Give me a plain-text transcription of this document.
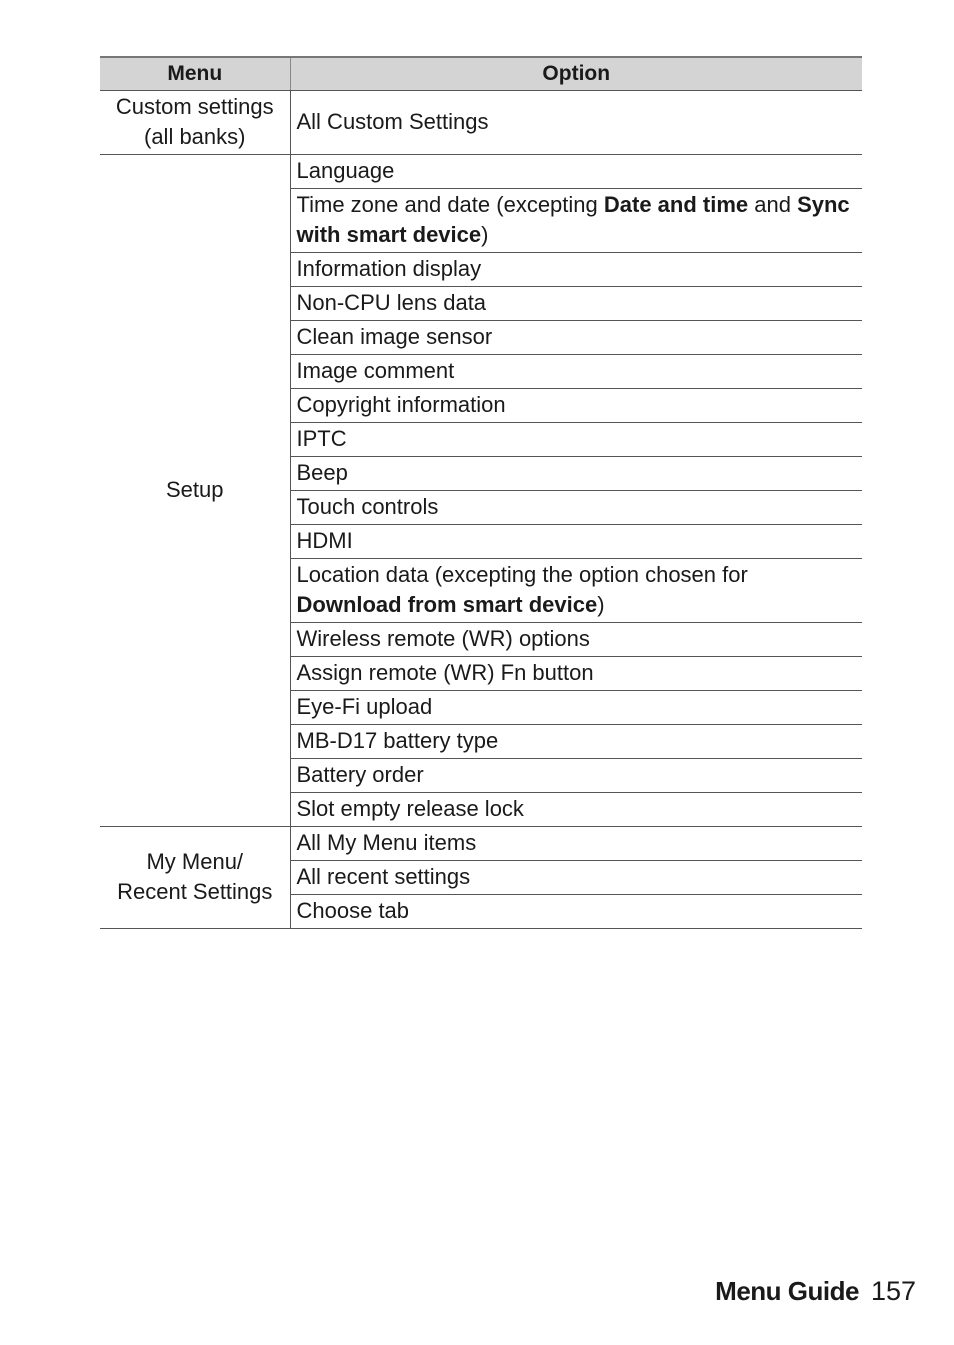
Menu	Option

Custom settings
(all banks)	All Custom Settings

Setup	Language
	Time zone and date (excepting Date and time and Sync with smart device)
	Information display
	Non-CPU lens data
	Clean image sensor
	Image comment
	Copyright information
	IPTC
	Beep
	Touch controls
	HDMI
	Location data (excepting the option chosen for Download from smart device)
	Wireless remote (WR) options
	Assign remote (WR) Fn button
	Eye-Fi upload
	MB-D17 battery type
	Battery order
	Slot empty release lock

My Menu/
Recent Settings	All My Menu items
	All recent settings
	Choose tab
Menu Guide 157
